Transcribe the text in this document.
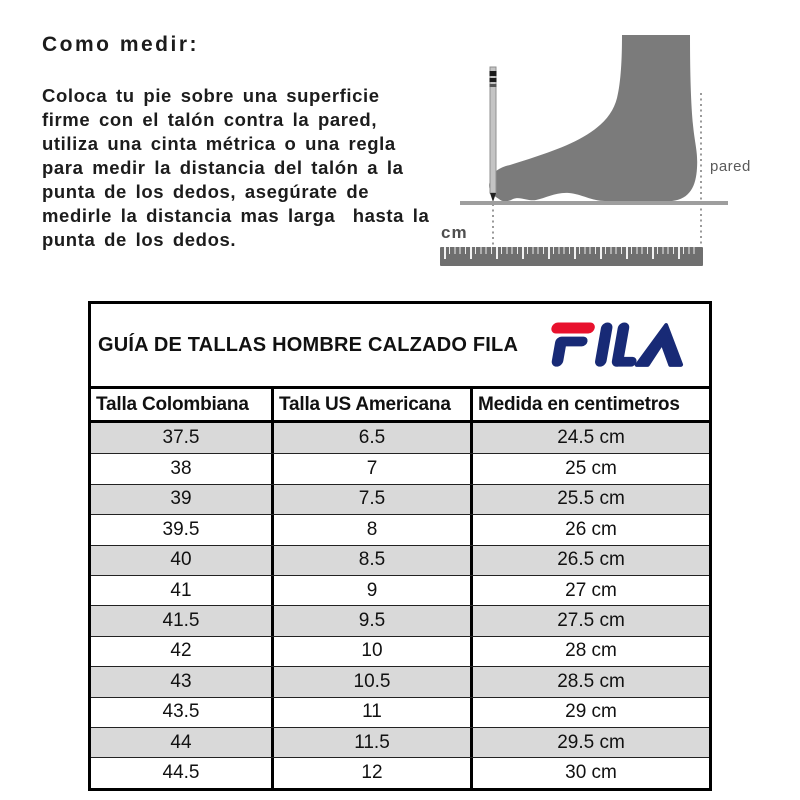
Como medir:
Coloca tu pie sobre una superficie firme con el talón contra la pared, utiliza una cinta métrica o una regla para medir la distancia del talón a la punta de los dedos, asegúrate de medirle la distancia mas larga  hasta la punta de los dedos.
pared
cm
GUÍA DE TALLAS HOMBRE CALZADO FILA
Talla Colombiana	Talla US Americana	Medida en centimetros
37.5	6.5	24.5 cm
38	7	25 cm
39	7.5	25.5 cm
39.5	8	26 cm
40	8.5	26.5 cm
41	9	27 cm
41.5	9.5	27.5 cm
42	10	28 cm
43	10.5	28.5 cm
43.5	11	29 cm
44	11.5	29.5 cm
44.5	12	30 cm
